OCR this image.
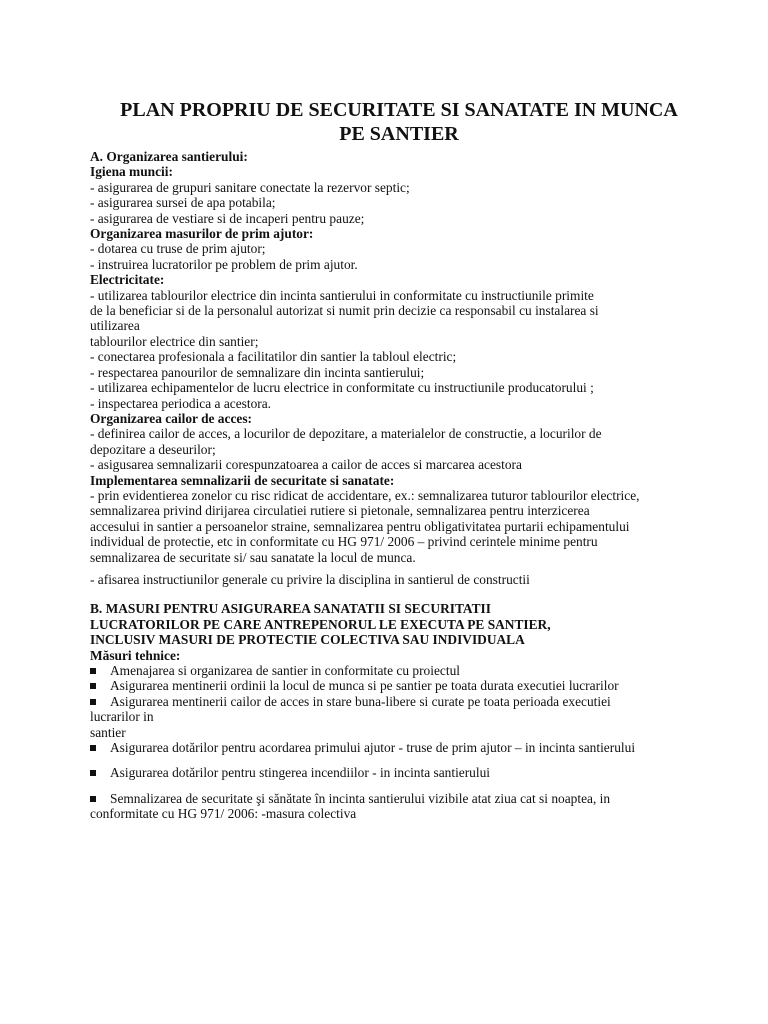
PLAN PROPRIU DE SECURITATE SI SANATATE IN MUNCA
PE SANTIER
A. Organizarea santierului:
Igiena muncii:
- asigurarea de grupuri sanitare conectate la rezervor septic;
- asigurarea sursei de apa potabila;
- asigurarea de vestiare si de incaperi pentru pauze;
Organizarea masurilor de prim ajutor:
- dotarea cu truse de prim ajutor;
- instruirea lucratorilor pe problem de prim ajutor.
Electricitate:
- utilizarea tablourilor electrice din incinta santierului in conformitate cu instructiunile primite
de la beneficiar si de la personalul autorizat si numit prin decizie ca responsabil cu instalarea si
utilizarea
tablourilor electrice din santier;
- conectarea profesionala a facilitatilor din santier la tabloul electric;
- respectarea panourilor de semnalizare din incinta santierului;
- utilizarea echipamentelor de lucru electrice in conformitate cu instructiunile producatorului ;
- inspectarea periodica a acestora.
Organizarea cailor de acces:
- definirea cailor de acces, a locurilor de depozitare, a materialelor de constructie, a locurilor de
depozitare a deseurilor;
- asigusarea semnalizarii corespunzatoarea a cailor de acces si marcarea acestora
Implementarea semnalizarii de securitate si sanatate:
- prin evidentierea zonelor cu risc ridicat de accidentare, ex.: semnalizarea tuturor tablourilor electrice,
semnalizarea privind dirijarea circulatiei rutiere si pietonale, semnalizarea pentru interzicerea
accesului in santier a persoanelor straine, semnalizarea pentru obligativitatea purtarii echipamentului
individual de protectie, etc in conformitate cu HG 971/ 2006 – privind cerintele minime pentru
semnalizarea de securitate si/ sau sanatate la locul de munca.
- afisarea instructiunilor generale cu privire la disciplina in santierul de constructii
B. MASURI PENTRU ASIGURAREA SANATATII SI SECURITATII
LUCRATORILOR PE CARE ANTREPENORUL LE EXECUTA PE SANTIER,
INCLUSIV MASURI DE PROTECTIE COLECTIVA SAU INDIVIDUALA
Măsuri tehnice:
Amenajarea si organizarea de santier in conformitate cu proiectul
Asigurarea mentinerii ordinii la locul de munca si pe santier pe toata durata executiei lucrarilor
Asigurarea mentinerii cailor de acces in stare buna-libere si curate pe toata perioada executiei
lucrarilor in
santier
Asigurarea dotărilor pentru acordarea primului ajutor - truse de prim ajutor – in incinta santierului
Asigurarea dotărilor pentru stingerea incendiilor - in incinta santierului
Semnalizarea de securitate şi sănătate în incinta santierului vizibile atat ziua cat si noaptea, in
conformitate cu HG 971/ 2006: -masura colectiva
